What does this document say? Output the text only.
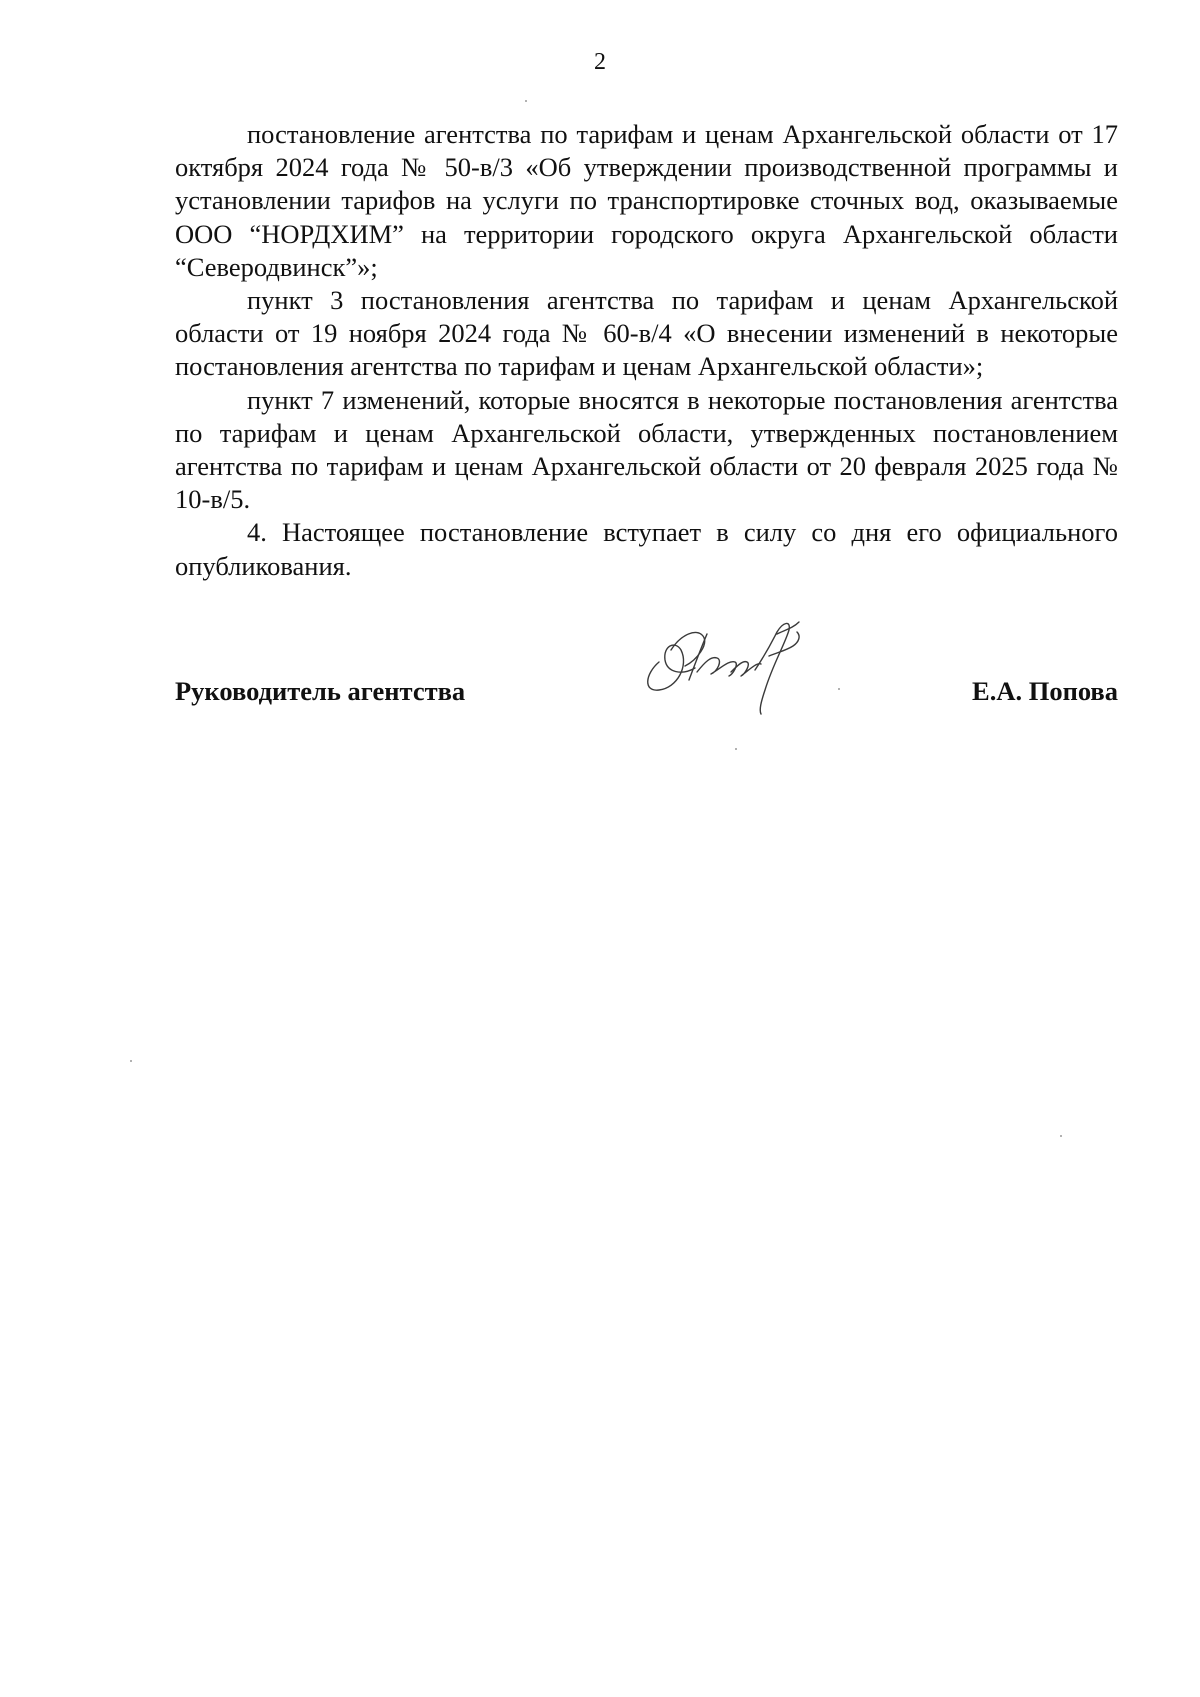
2

постановление агентства по тарифам и ценам Архангельской области от 17 октября 2024 года № 50-в/3 «Об утверждении производственной программы и установлении тарифов на услуги по транспортировке сточных вод, оказываемые ООО “НОРДХИМ” на территории городского округа Архангельской области “Северодвинск”»;

пункт 3 постановления агентства по тарифам и ценам Архангельской области от 19 ноября 2024 года № 60-в/4 «О внесении изменений в некоторые постановления агентства по тарифам и ценам Архангельской области»;

пункт 7 изменений, которые вносятся в некоторые постановления агентства по тарифам и ценам Архангельской области, утвержденных постановлением агентства по тарифам и ценам Архангельской области от 20 февраля 2025 года № 10-в/5.

4. Настоящее постановление вступает в силу со дня его официального опубликования.

Руководитель агентства	Е.А. Попова
